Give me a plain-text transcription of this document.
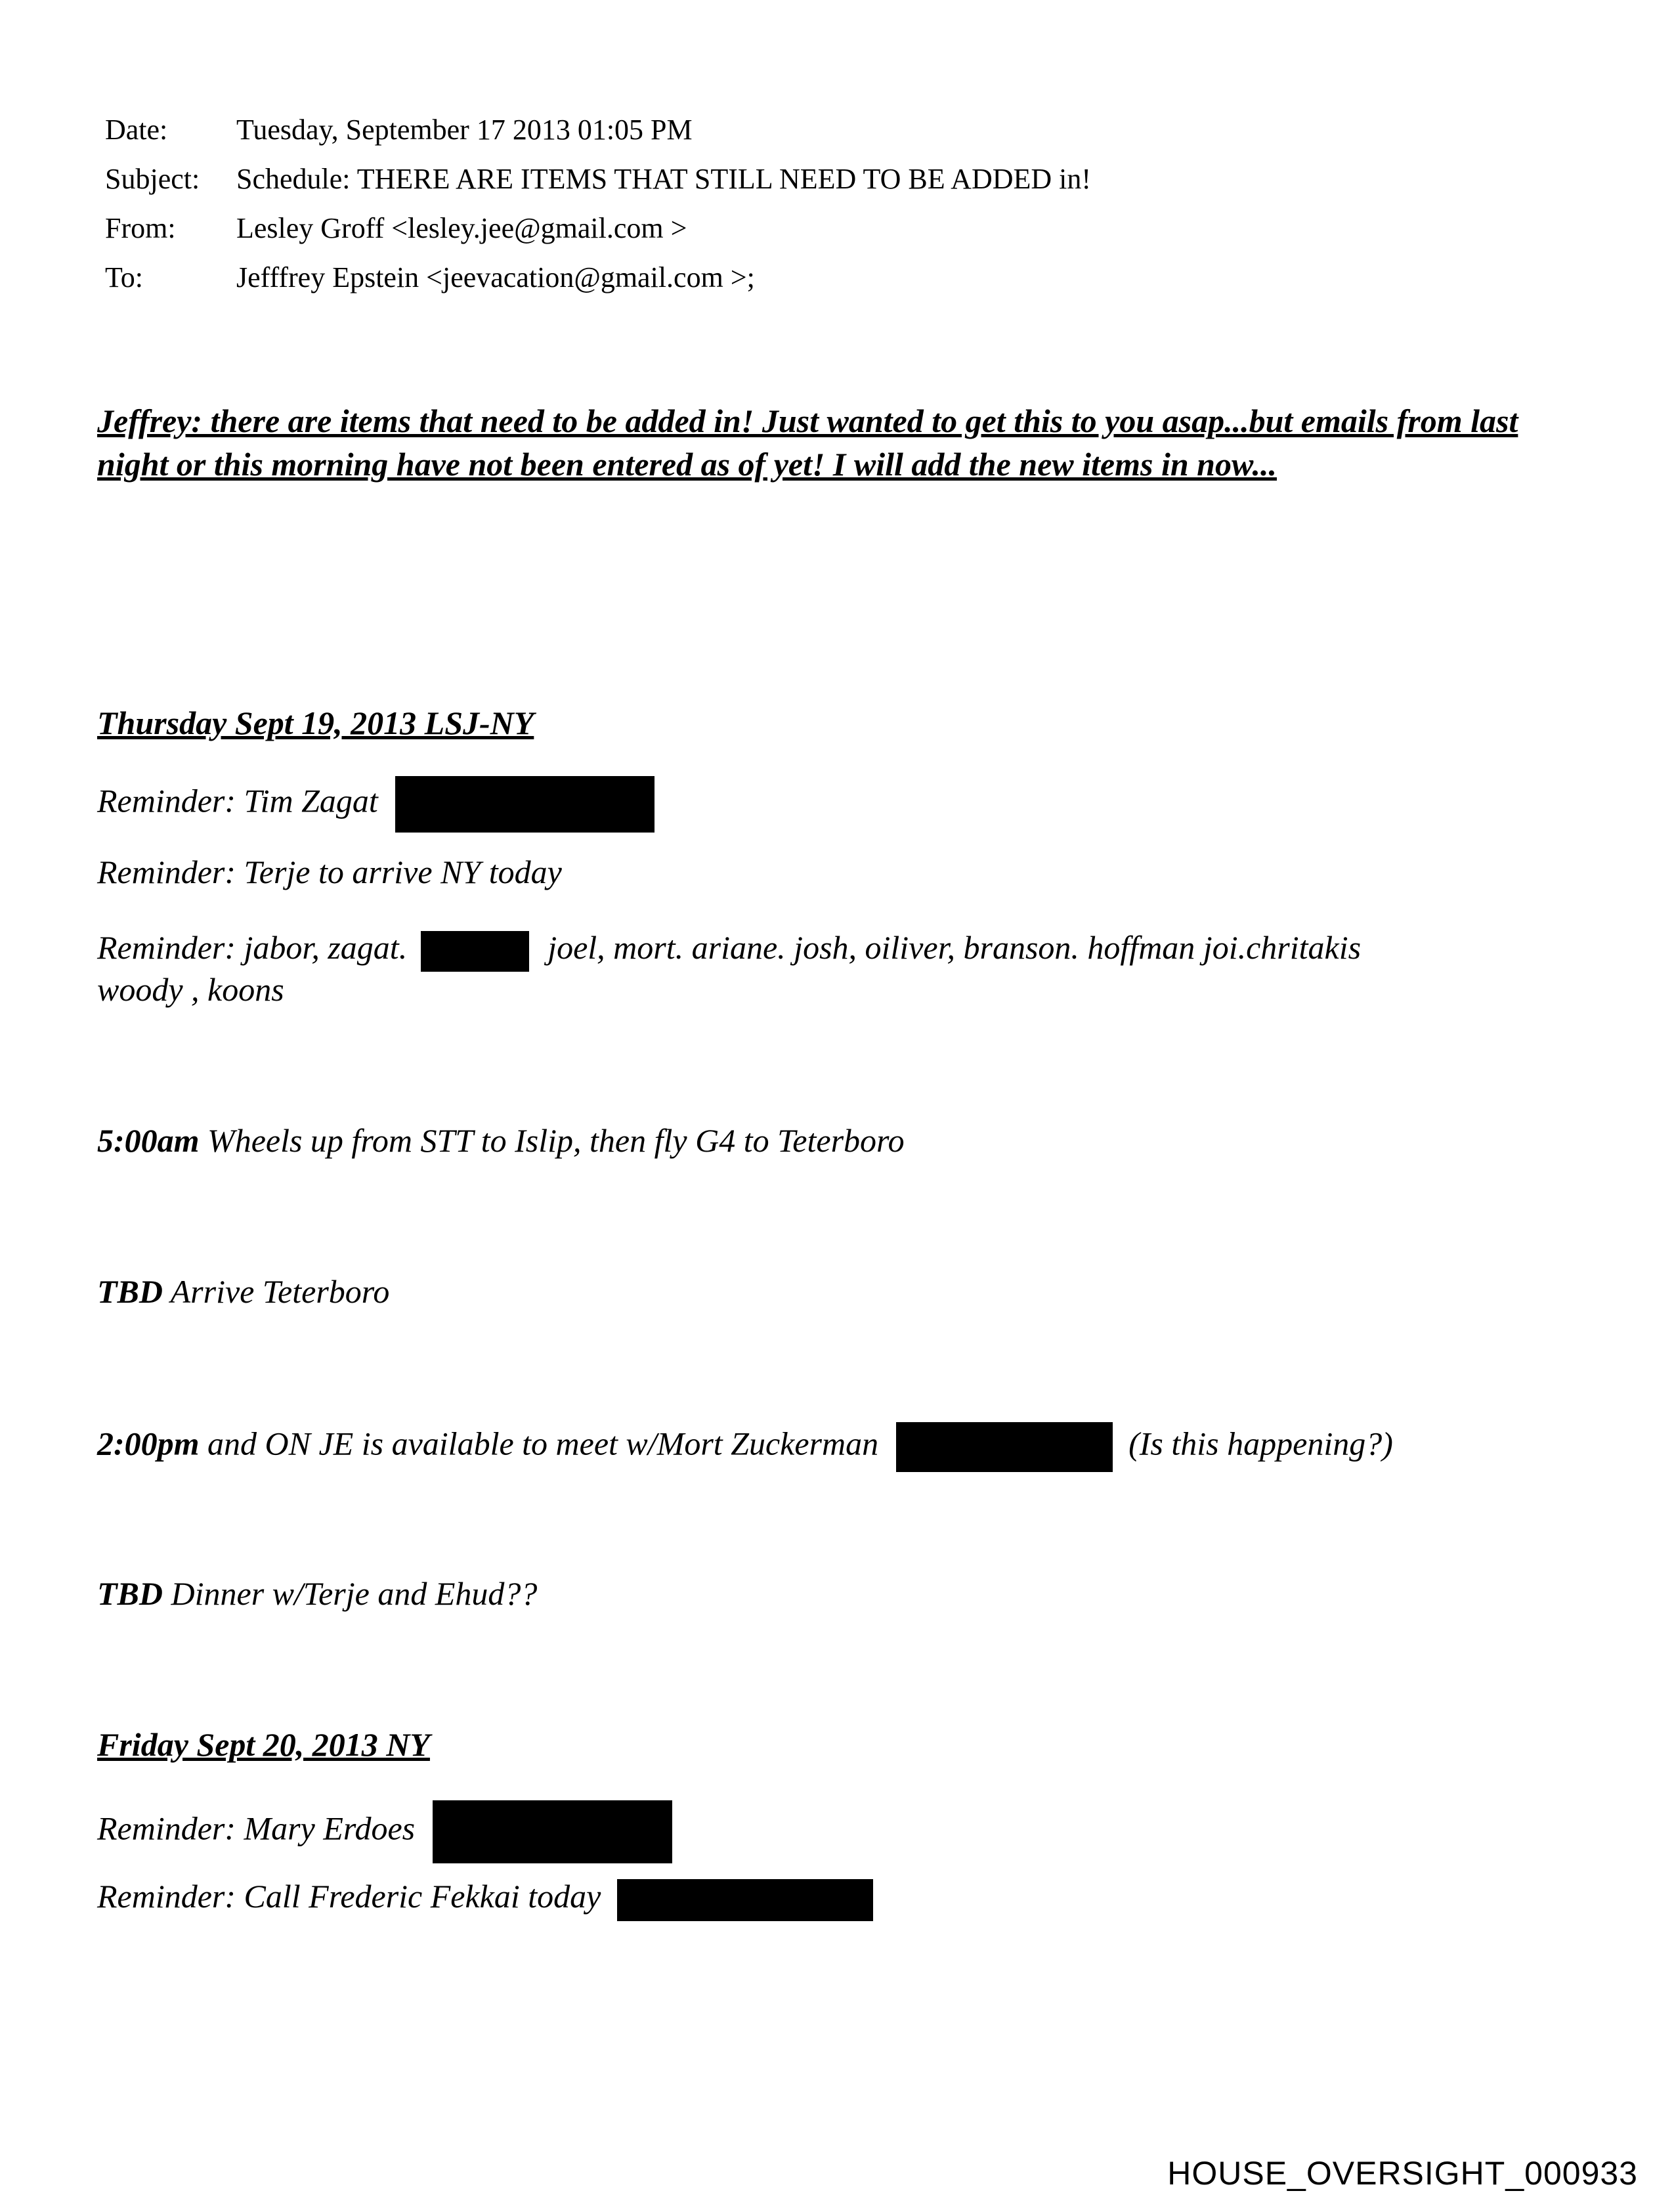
Date:	Tuesday, September 17 2013 01:05 PM
Subject:	Schedule: THERE ARE ITEMS THAT STILL NEED TO BE ADDED in!
From:	Lesley Groff <lesley.jee@gmail.com >
To:	Jefffrey Epstein <jeevacation@gmail.com >;
Jeffrey: there are items that need to be added in! Just wanted to get this to you asap...but emails from last night or this morning have not been entered as of yet! I will add the new items in now...
Thursday Sept 19, 2013 LSJ-NY
Reminder: Tim Zagat
Reminder: Terje to arrive NY today
Reminder: jabor, zagat.	joel, mort. ariane. josh, oiliver, branson. hoffman joi.chritakis
woody , koons
5:00am Wheels up from STT to Islip, then fly G4 to Teterboro
TBD Arrive Teterboro
2:00pm and ON JE is available to meet w/Mort Zuckerman	(Is this happening?)
TBD Dinner w/Terje and Ehud??
Friday Sept 20, 2013 NY
Reminder: Mary Erdoes
Reminder: Call Frederic Fekkai today
HOUSE_OVERSIGHT_000933
